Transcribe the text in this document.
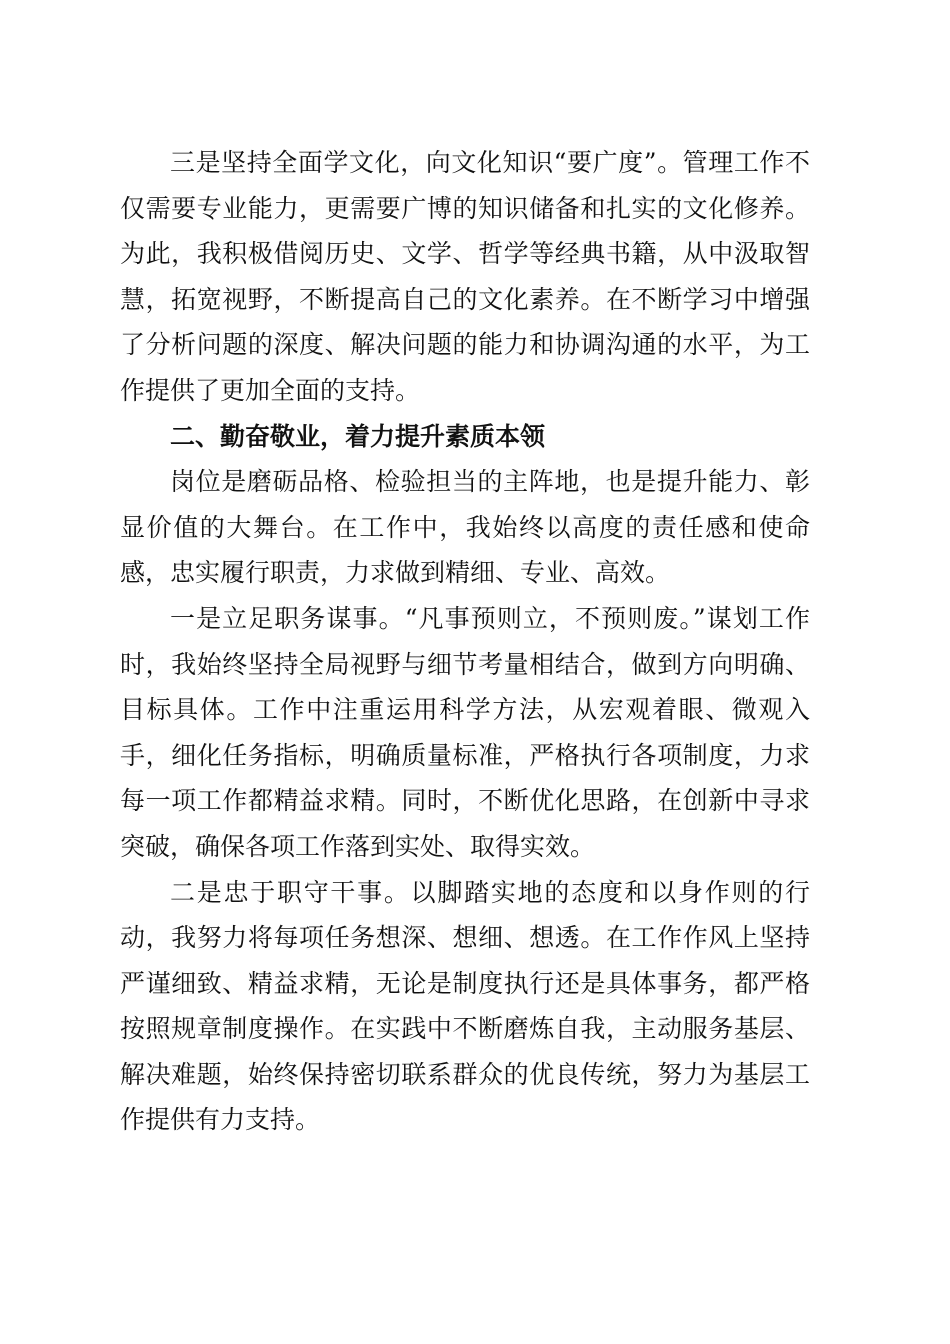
三是坚持全面学文化，向文化知识“要广度”。管理工作不仅需要专业能力，更需要广博的知识储备和扎实的文化修养。为此，我积极借阅历史、文学、哲学等经典书籍，从中汲取智慧，拓宽视野，不断提高自己的文化素养。在不断学习中增强了分析问题的深度、解决问题的能力和协调沟通的水平，为工作提供了更加全面的支持。

二、勤奋敬业，着力提升素质本领

岗位是磨砺品格、检验担当的主阵地，也是提升能力、彰显价值的大舞台。在工作中，我始终以高度的责任感和使命感，忠实履行职责，力求做到精细、专业、高效。

一是立足职务谋事。“凡事预则立，不预则废。”谋划工作时，我始终坚持全局视野与细节考量相结合，做到方向明确、目标具体。工作中注重运用科学方法，从宏观着眼、微观入手，细化任务指标，明确质量标准，严格执行各项制度，力求每一项工作都精益求精。同时，不断优化思路，在创新中寻求突破，确保各项工作落到实处、取得实效。

二是忠于职守干事。以脚踏实地的态度和以身作则的行动，我努力将每项任务想深、想细、想透。在工作作风上坚持严谨细致、精益求精，无论是制度执行还是具体事务，都严格按照规章制度操作。在实践中不断磨炼自我，主动服务基层、解决难题，始终保持密切联系群众的优良传统，努力为基层工作提供有力支持。
